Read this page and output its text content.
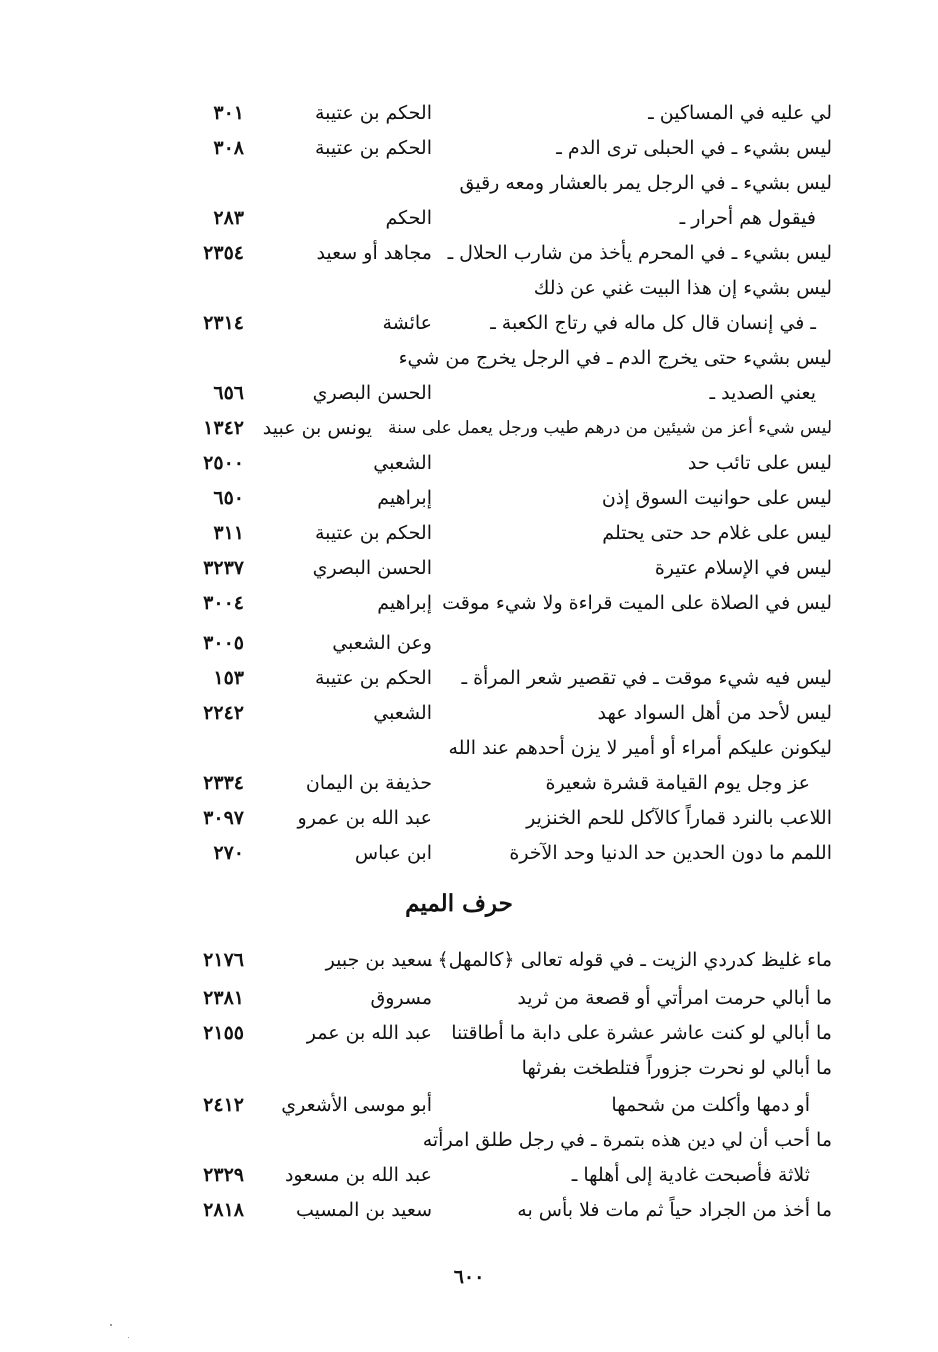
لي عليه في المساكين ـ
الحكم بن عتيبة
٣٠١
ليس بشيء ـ في الحبلى ترى الدم ـ
الحكم بن عتيبة
٣٠٨
ليس بشيء ـ في الرجل يمر بالعشار ومعه رقيق
فيقول هم أحرار ـ
الحكم
٢٨٣
ليس بشيء ـ في المحرم يأخذ من شارب الحلال ـ
مجاهد أو سعيد
٢٣٥٤
ليس بشيء إن هذا البيت غني عن ذلك
ـ في إنسان قال كل ماله في رتاج الكعبة ـ
عائشة
٢٣١٤
ليس بشيء حتى يخرج الدم ـ في الرجل يخرج من شيء
يعني الصديد ـ
الحسن البصري
٦٥٦
ليس شيء أعز من شيئين من درهم طيب ورجل يعمل على سنة
يونس بن عبيد
١٣٤٢
ليس على تائب حد
الشعبي
٢٥٠٠
ليس على حوانيت السوق إذن
إبراهيم
٦٥٠
ليس على غلام حد حتى يحتلم
الحكم بن عتيبة
٣١١
ليس في الإسلام عتيرة
الحسن البصري
٣٢٣٧
ليس في الصلاة على الميت قراءة ولا شيء موقت
إبراهيم
٣٠٠٤
وعن الشعبي
٣٠٠٥
ليس فيه شيء موقت ـ في تقصير شعر المرأة ـ
الحكم بن عتيبة
١٥٣
ليس لأحد من أهل السواد عهد
الشعبي
٢٢٤٢
ليكونن عليكم أمراء أو أمير لا يزن أحدهم عند الله
عز وجل يوم القيامة قشرة شعيرة
حذيفة بن اليمان
٢٣٣٤
اللاعب بالنرد قماراً كالآكل للحم الخنزير
عبد الله بن عمرو
٣٠٩٧
اللمم ما دون الحدين حد الدنيا وحد الآخرة
ابن عباس
٢٧٠
حرف الميم
ماء غليظ كدردي الزيت ـ في قوله تعالى ﴿كالمهل﴾ ـ
سعيد بن جبير
٢١٧٦
ما أبالي حرمت امرأتي أو قصعة من ثريد
مسروق
٢٣٨١
ما أبالي لو كنت عاشر عشرة على دابة ما أطاقتنا
عبد الله بن عمر
٢١٥٥
ما أبالي لو نحرت جزوراً فتلطخت بفرثها
أو دمها وأكلت من شحمها
أبو موسى الأشعري
٢٤١٢
ما أحب أن لي دين هذه بتمرة ـ في رجل طلق امرأته
ثلاثة فأصبحت غادية إلى أهلها ـ
عبد الله بن مسعود
٢٣٢٩
ما أخذ من الجراد حياً ثم مات فلا بأس به
سعيد بن المسيب
٢٨١٨
٦٠٠
